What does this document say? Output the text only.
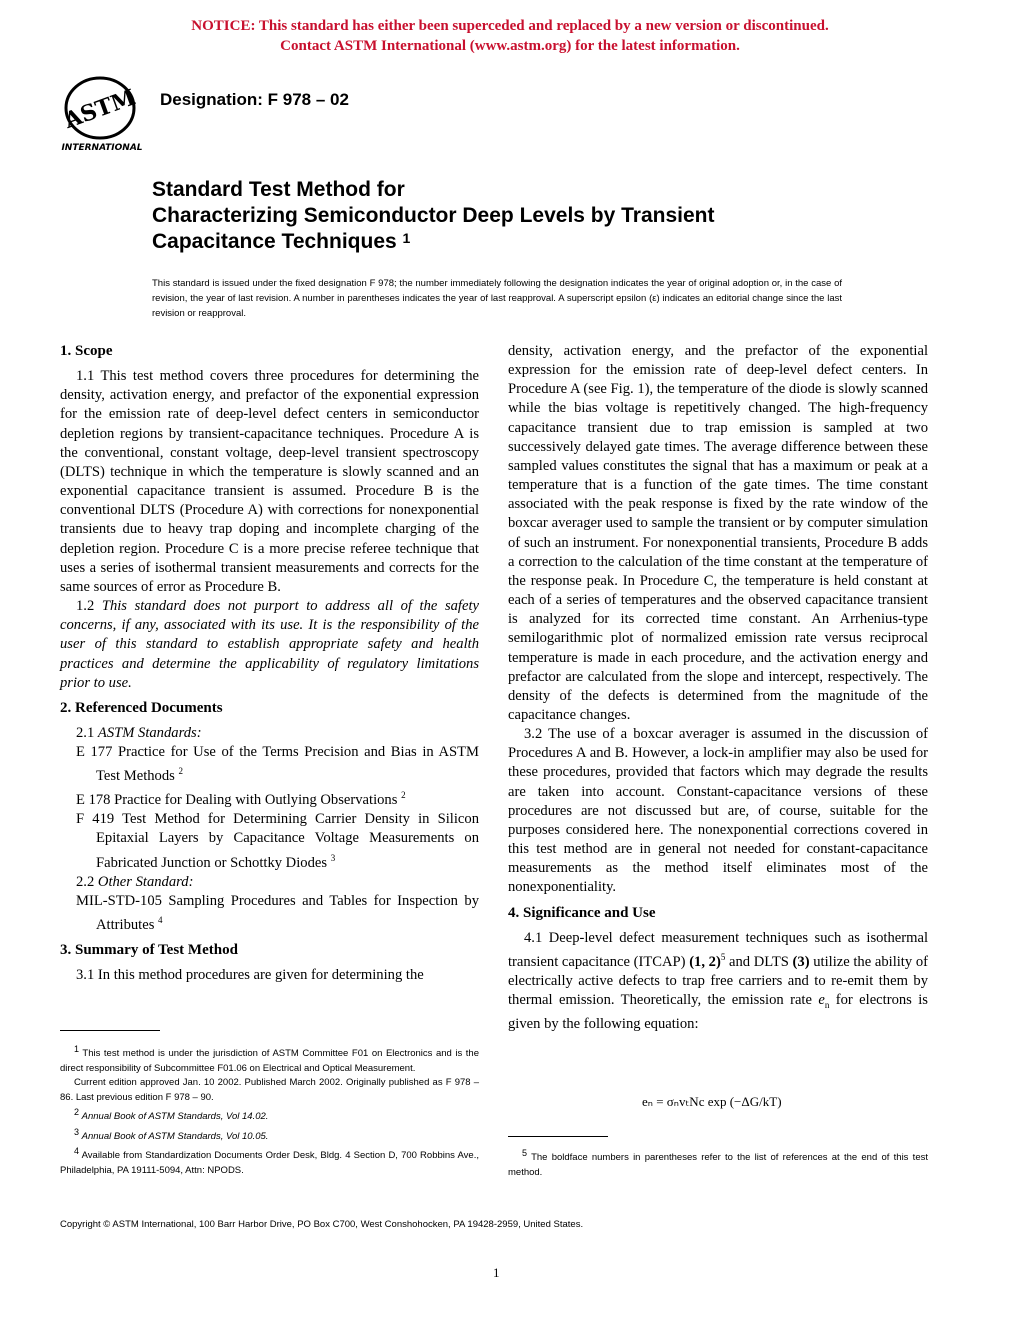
NOTICE: This standard has either been superceded and replaced by a new version or discontinued.
Contact ASTM International (www.astm.org) for the latest information.
ASTM
INTERNATIONAL
Designation: F 978 – 02
Standard Test Method for
Characterizing Semiconductor Deep Levels by Transient
Capacitance Techniques $^1$
This standard is issued under the fixed designation F 978; the number immediately following the designation indicates the year of original adoption or, in the case of revision, the year of last revision. A number in parentheses indicates the year of last reapproval. A superscript epsilon (ε) indicates an editorial change since the last revision or reapproval.

1. Scope

1.1 This test method covers three procedures for determining the density, activation energy, and prefactor of the exponential expression for the emission rate of deep-level defect centers in semiconductor depletion regions by transient-capacitance techniques. Procedure A is the conventional, constant voltage, deep-level transient spectroscopy (DLTS) technique in which the temperature is slowly scanned and an exponential capacitance transient is assumed. Procedure B is the conventional DLTS (Procedure A) with corrections for nonexponential transients due to heavy trap doping and incomplete charging of the depletion region. Procedure C is a more precise referee technique that uses a series of isothermal transient measurements and corrects for the same sources of error as Procedure B.

1.2 This standard does not purport to address all of the safety concerns, if any, associated with its use. It is the responsibility of the user of this standard to establish appropriate safety and health practices and determine the applicability of regulatory limitations prior to use.

2. Referenced Documents

2.1 ASTM Standards:

E 177 Practice for Use of the Terms Precision and Bias in ASTM Test Methods $^2$

E 178 Practice for Dealing with Outlying Observations $^2$

F 419 Test Method for Determining Carrier Density in Silicon Epitaxial Layers by Capacitance Voltage Measurements on Fabricated Junction or Schottky Diodes $^3$

2.2 Other Standard:

MIL-STD-105 Sampling Procedures and Tables for Inspection by Attributes $^4$

3. Summary of Test Method

3.1 In this method procedures are given for determining the

density, activation energy, and the prefactor of the exponential expression for the emission rate of deep-level defect centers. In Procedure A (see Fig. 1), the temperature of the diode is slowly scanned while the bias voltage is repetitively changed. The high-frequency capacitance transient due to trap emission is sampled at two successively delayed gate times. The average difference between these sampled values constitutes the signal that has a maximum or peak at a temperature that is a function of the gate times. The time constant associated with the peak response is fixed by the rate window of the boxcar averager used to sample the transient or by computer simulation of such an instrument. For nonexponential transients, Procedure B adds a correction to the calculation of the time constant at the temperature of the response peak. In Procedure C, the temperature is held constant at each of a series of temperatures and the observed capacitance transient is analyzed for its corrected time constant. An Arrhenius-type semilogarithmic plot of normalized emission rate versus reciprocal temperature is made in each procedure, and the activation energy and prefactor are calculated from the slope and intercept, respectively. The density of the defects is determined from the magnitude of the capacitance changes.

3.2 The use of a boxcar averager is assumed in the discussion of Procedures A and B. However, a lock-in amplifier may also be used for these procedures, provided that factors which may degrade the results are taken into account. Constant-capacitance versions of these procedures are not discussed but are, of course, suitable for the purposes considered here. The nonexponential corrections covered in this test method are in general not needed for constant-capacitance measurements as the method itself eliminates most of the nonexponentiality.

4. Significance and Use

4.1 Deep-level defect measurement techniques such as isothermal transient capacitance (ITCAP) (1, 2)$^5$ and DLTS (3) utilize the ability of electrically active defects to trap free carriers and to re-emit them by thermal emission. Theoretically, the emission rate $e_n$ for electrons is given by the following equation:

eₙ = σₙvₜNc exp (−ΔG/kT)

$^1$ This test method is under the jurisdiction of ASTM Committee F01 on Electronics and is the direct responsibility of Subcommittee F01.06 on Electrical and Optical Measurement.

Current edition approved Jan. 10 2002. Published March 2002. Originally published as F 978 – 86. Last previous edition F 978 – 90.

$^2$ Annual Book of ASTM Standards, Vol 14.02.

$^3$ Annual Book of ASTM Standards, Vol 10.05.

$^4$ Available from Standardization Documents Order Desk, Bldg. 4 Section D, 700 Robbins Ave., Philadelphia, PA 19111-5094, Attn: NPODS.

$^5$ The boldface numbers in parentheses refer to the list of references at the end of this test method.

Copyright © ASTM International, 100 Barr Harbor Drive, PO Box C700, West Conshohocken, PA 19428-2959, United States.
1
